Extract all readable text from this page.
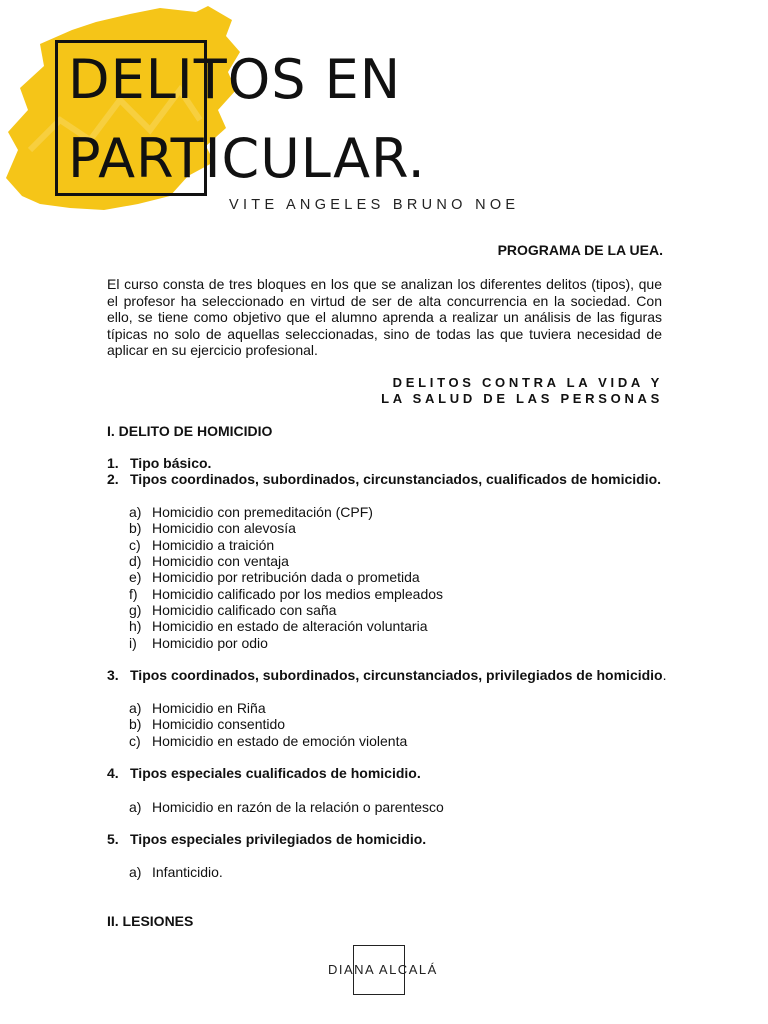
DELITOS EN
PARTICULAR.
VITE ANGELES BRUNO NOE
PROGRAMA DE LA UEA.

El curso consta de tres bloques en los que se analizan los diferentes delitos (tipos), que el profesor ha seleccionado en virtud de ser de alta concurrencia en la sociedad. Con ello, se tiene como objetivo que el alumno aprenda a realizar un análisis de las figuras típicas no solo de aquellas seleccionadas, sino de todas las que tuviera necesidad de aplicar en su ejercicio profesional.

DELITOS CONTRA LA VIDA Y
LA SALUD DE LAS PERSONAS
I. DELITO DE HOMICIDIO
1. Tipo básico.
2. Tipos coordinados, subordinados, circunstanciados, cualificados de homicidio.
a) Homicidio con premeditación (CPF)
b) Homicidio con alevosía
c) Homicidio a traición
d) Homicidio con ventaja
e) Homicidio por retribución dada o prometida
f) Homicidio calificado por los medios empleados
g) Homicidio calificado con saña
h) Homicidio en estado de alteración voluntaria
i) Homicidio por odio
3. Tipos coordinados, subordinados, circunstanciados, privilegiados de homicidio.
a) Homicidio en Riña
b) Homicidio consentido
c) Homicidio en estado de emoción violenta
4. Tipos especiales cualificados de homicidio.
a) Homicidio en razón de la relación o parentesco
5. Tipos especiales privilegiados de homicidio.
a) Infanticidio.
II. LESIONES
DIANA ALCALÁ
